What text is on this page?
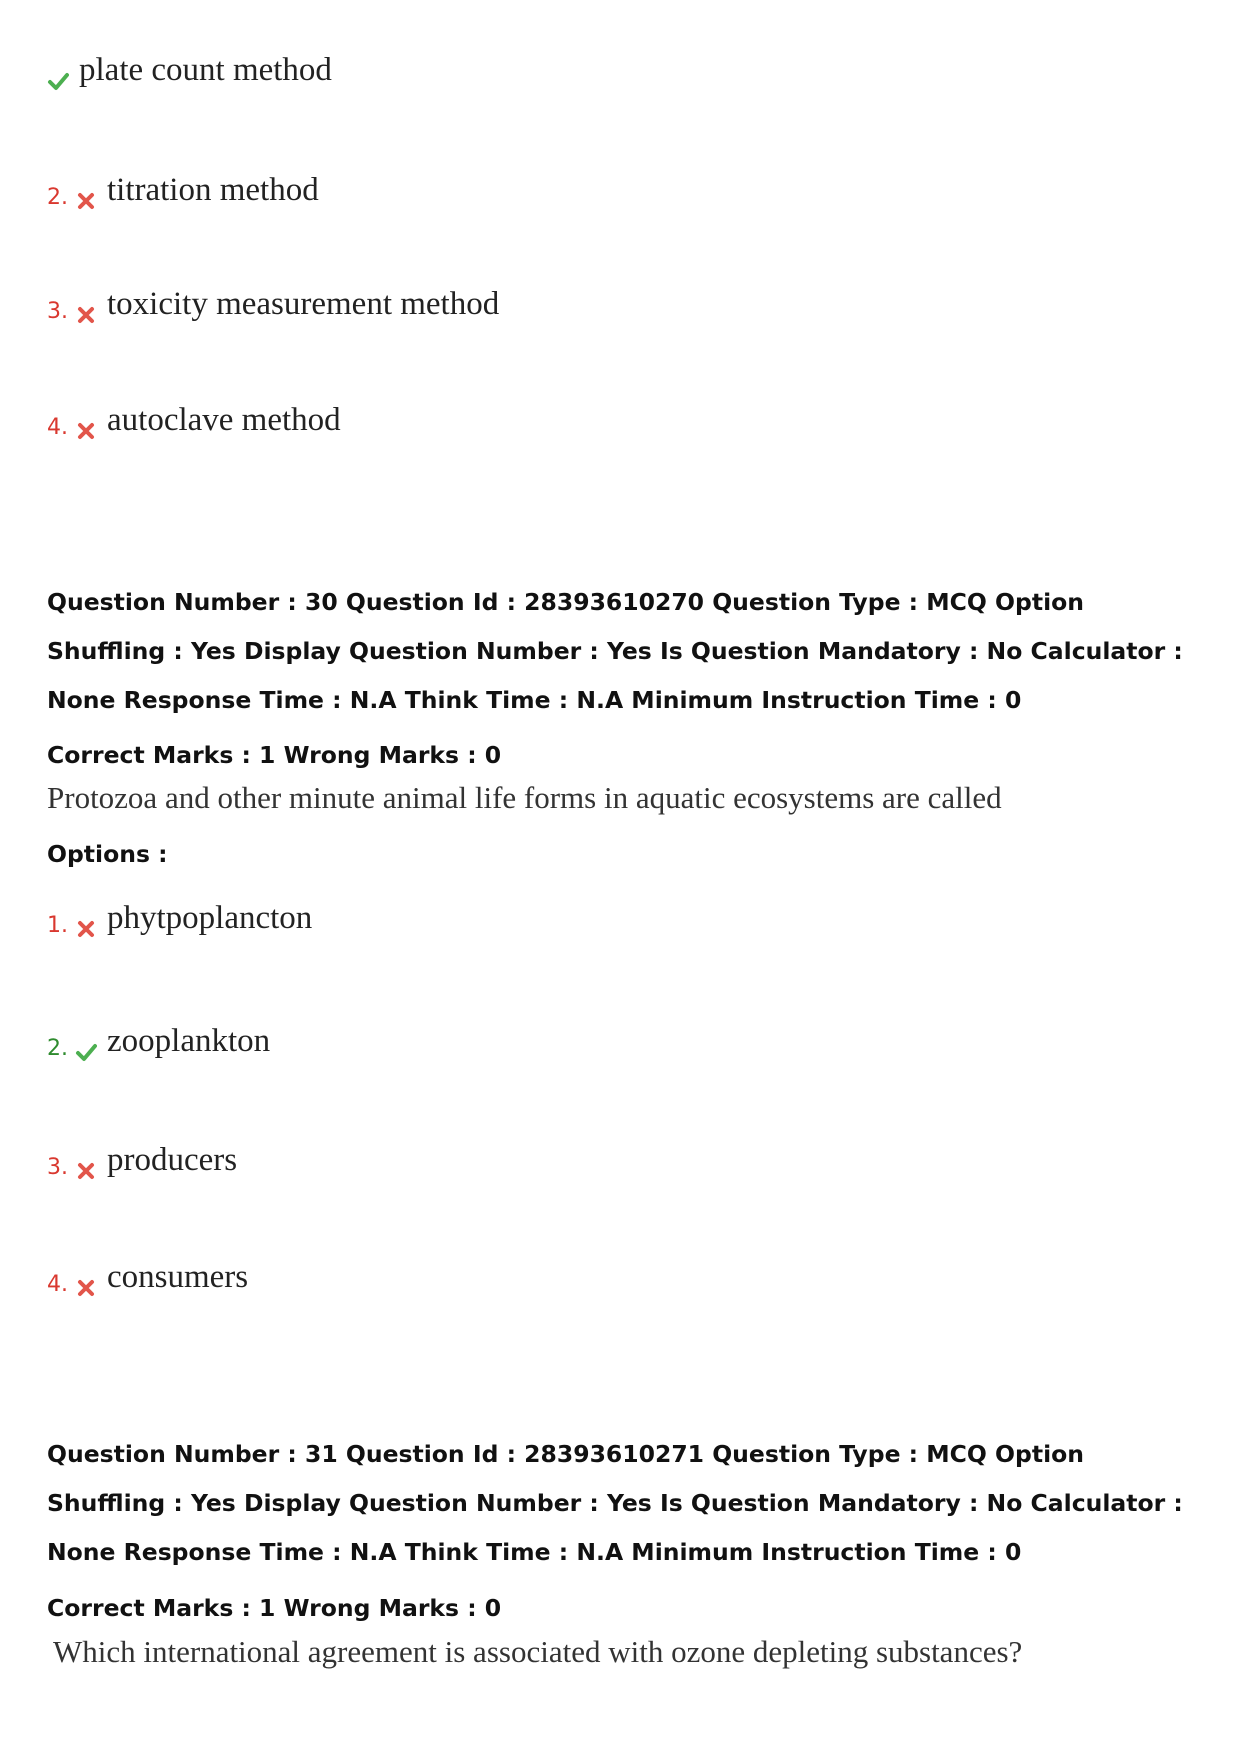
plate count method
2. titration method
3. toxicity measurement method
4. autoclave method
Question Number : 30 Question Id : 28393610270 Question Type : MCQ Option Shuffling : Yes Display Question Number : Yes Is Question Mandatory : No Calculator : None Response Time : N.A Think Time : N.A Minimum Instruction Time : 0
Correct Marks : 1 Wrong Marks : 0
Protozoa and other minute animal life forms in aquatic ecosystems are called
Options :
1. phytpoplancton
2. zooplankton
3. producers
4. consumers
Question Number : 31 Question Id : 28393610271 Question Type : MCQ Option Shuffling : Yes Display Question Number : Yes Is Question Mandatory : No Calculator : None Response Time : N.A Think Time : N.A Minimum Instruction Time : 0
Correct Marks : 1 Wrong Marks : 0
Which international agreement is associated with ozone depleting substances?
